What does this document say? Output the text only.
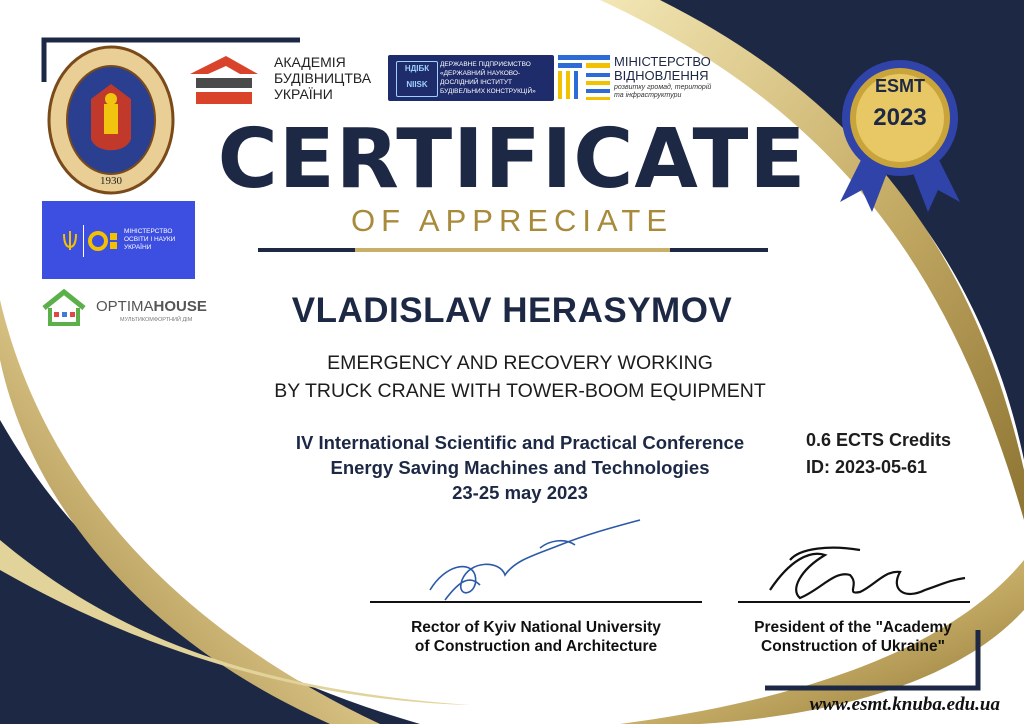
1930
АКАДЕМІЯ
БУДІВНИЦТВА
УКРАЇНИ
НДІБК
NIISK
ДЕРЖАВНЕ ПІДПРИЄМСТВО
«ДЕРЖАВНИЙ НАУКОВО-
ДОСЛІДНИЙ ІНСТИТУТ
БУДІВЕЛЬНИХ КОНСТРУКЦІЙ»
МІНІСТЕРСТВО
ВІДНОВЛЕННЯ
розвитку громад, територій
та інфраструктури
МІНІСТЕРСТВО
ОСВІТИ І НАУКИ
УКРАЇНИ
OPTIMAHOUSE
МУЛЬТИКОМФОРТНИЙ ДІМ
ESMT
2023
CERTIFICATE
OF APPRECIATE
VLADISLAV HERASYMOV
EMERGENCY AND RECOVERY WORKING
BY TRUCK CRANE WITH TOWER-BOOM EQUIPMENT
IV International Scientific and Practical Conference
Energy Saving Machines and Technologies
23-25 may 2023
0.6 ECTS Credits
ID: 2023-05-61
Rector of Kyiv National University
of Construction and Architecture
President of the "Academy
Construction of Ukraine"
www.esmt.knuba.edu.ua
